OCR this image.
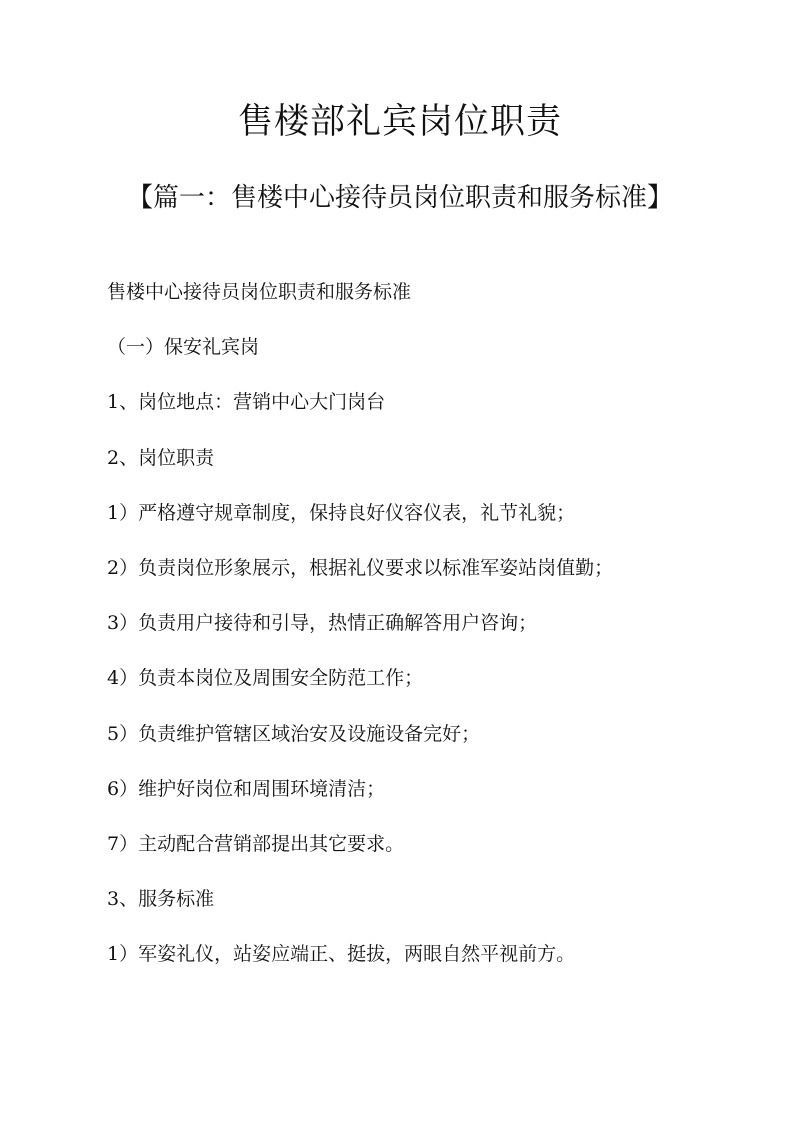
售楼部礼宾岗位职责
【篇一：售楼中心接待员岗位职责和服务标准】
售楼中心接待员岗位职责和服务标准
（一）保安礼宾岗
1、岗位地点：营销中心大门岗台
2、岗位职责
1）严格遵守规章制度，保持良好仪容仪表，礼节礼貌；
2）负责岗位形象展示，根据礼仪要求以标准军姿站岗值勤；
3）负责用户接待和引导，热情正确解答用户咨询；
4）负责本岗位及周围安全防范工作；
5）负责维护管辖区域治安及设施设备完好；
6）维护好岗位和周围环境清洁；
7）主动配合营销部提出其它要求。
3、服务标准
1）军姿礼仪，站姿应端正、挺拔，两眼自然平视前方。
